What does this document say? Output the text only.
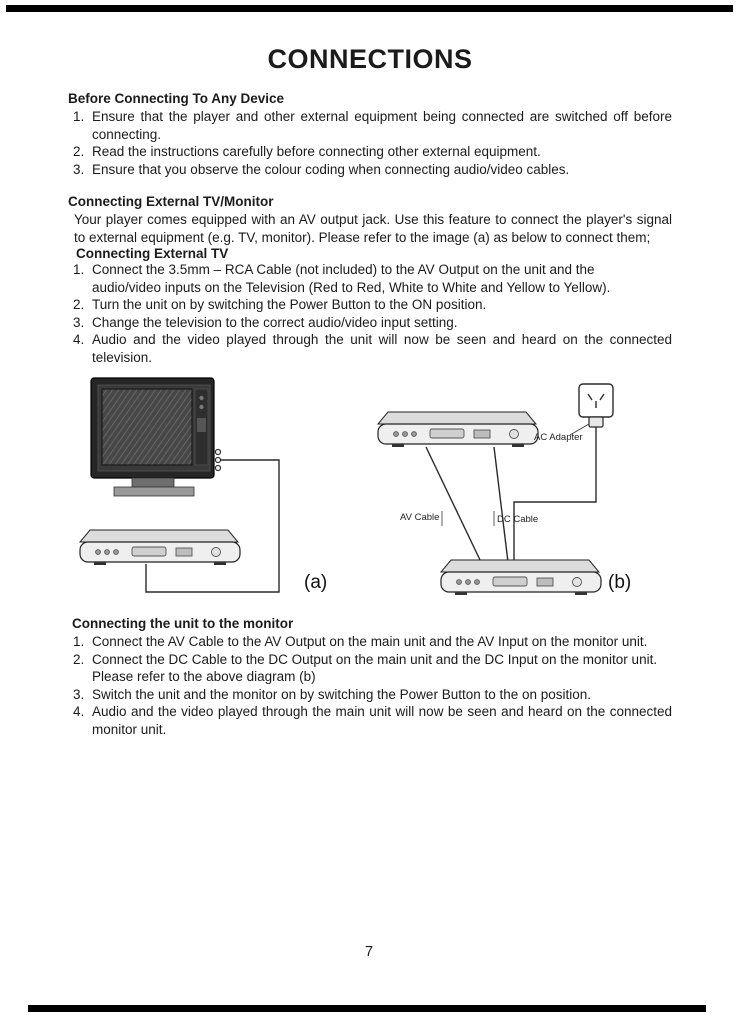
CONNECTIONS
Before Connecting To Any Device
1. Ensure that the player and other external equipment being connected are switched off before connecting.
2. Read the instructions carefully before connecting other external equipment.
3. Ensure that you observe the colour coding when connecting audio/video cables.
Connecting External TV/Monitor

Your player comes equipped with an AV output jack. Use this feature to connect the player's signal to external equipment (e.g. TV, monitor). Please refer to the image (a) as below to connect them;

Connecting External TV
1. Connect the 3.5mm – RCA Cable (not included) to the AV Output on the unit and the
audio/video inputs on the Television (Red to Red, White to White and Yellow to Yellow).
2. Turn the unit on by switching the Power Button to the ON position.
3. Change the television to the correct audio/video input setting.
4. Audio and the video played through the unit will now be seen and heard on the connected television.
(a)
AC Adapter
AV Cable	DC Cable
(b)
Connecting the unit to the monitor
1. Connect the AV Cable to the AV Output on the main unit and the AV Input on the monitor unit.
2. Connect the DC Cable to the DC Output on the main unit and the DC Input on the monitor unit.
Please refer to the above diagram (b)
3. Switch the unit and the monitor on by switching the Power Button to the on position.
4. Audio and the video played through the main unit will now be seen and heard on the connected monitor unit.
7
